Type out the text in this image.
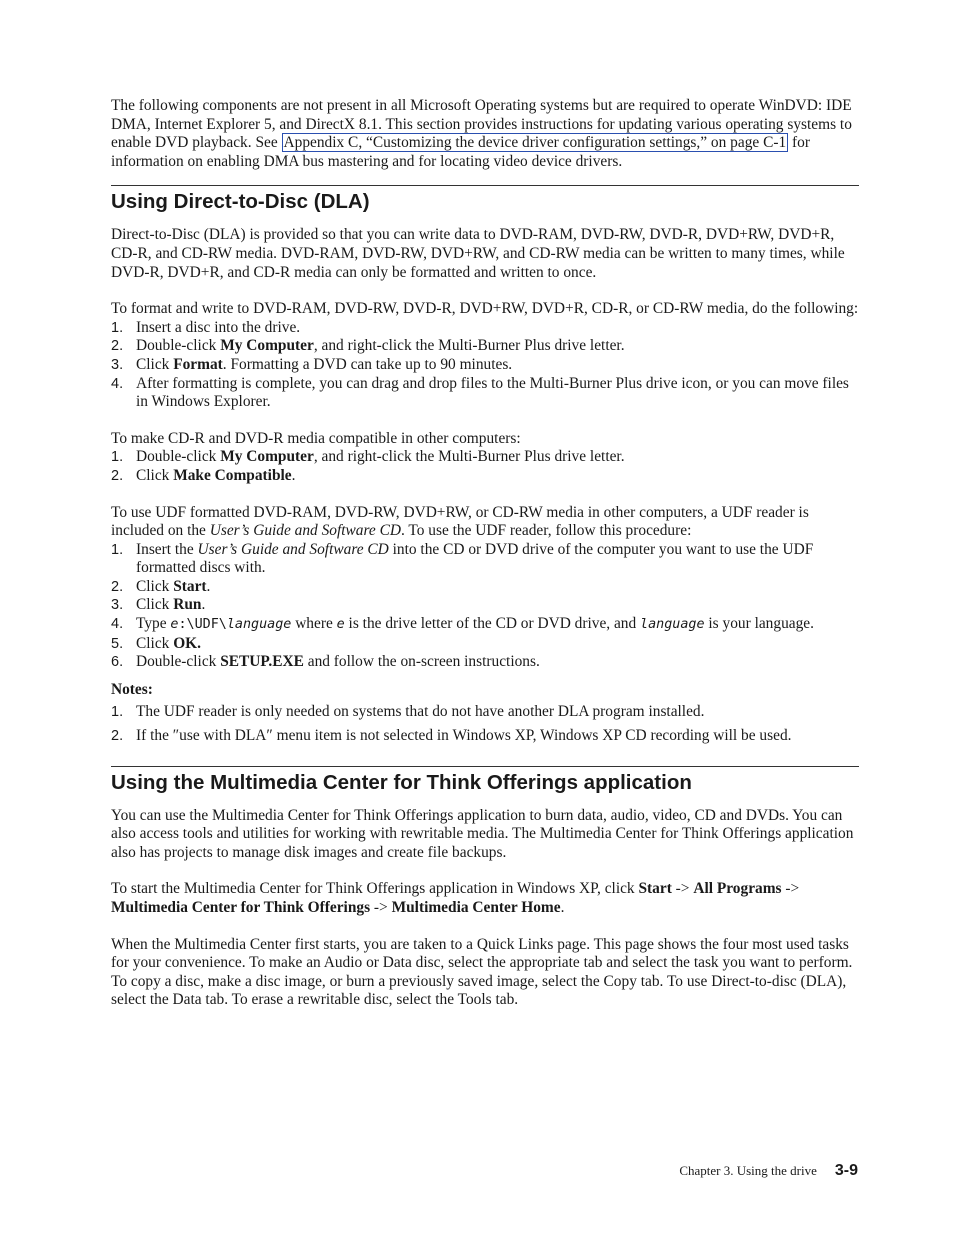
The following components are not present in all Microsoft Operating systems but are required to operate WinDVD: IDE DMA, Internet Explorer 5, and DirectX 8.1. This section provides instructions for updating various operating systems to enable DVD playback. See Appendix C, “Customizing the device driver configuration settings,” on page C-1 for information on enabling DMA bus mastering and for locating video device drivers.

Using Direct-to-Disc (DLA)

Direct-to-Disc (DLA) is provided so that you can write data to DVD-RAM, DVD-RW, DVD-R, DVD+RW, DVD+R, CD-R, and CD-RW media. DVD-RAM, DVD-RW, DVD+RW, and CD-RW media can be written to many times, while DVD-R, DVD+R, and CD-R media can only be formatted and written to once.

To format and write to DVD-RAM, DVD-RW, DVD-R, DVD+RW, DVD+R, CD-R, or CD-RW media, do the following:

1. Insert a disc into the drive.
2. Double-click My Computer, and right-click the Multi-Burner Plus drive letter.
3. Click Format. Formatting a DVD can take up to 90 minutes.
4. After formatting is complete, you can drag and drop files to the Multi-Burner Plus drive icon, or you can move files in Windows Explorer.

To make CD-R and DVD-R media compatible in other computers:

1. Double-click My Computer, and right-click the Multi-Burner Plus drive letter.
2. Click Make Compatible.

To use UDF formatted DVD-RAM, DVD-RW, DVD+RW, or CD-RW media in other computers, a UDF reader is included on the User’s Guide and Software CD. To use the UDF reader, follow this procedure:

1. Insert the User’s Guide and Software CD into the CD or DVD drive of the computer you want to use the UDF formatted discs with.
2. Click Start.
3. Click Run.
4. Type e:\UDF\language where e is the drive letter of the CD or DVD drive, and language is your language.
5. Click OK.
6. Double-click SETUP.EXE and follow the on-screen instructions.

Notes:

1. The UDF reader is only needed on systems that do not have another DLA program installed.
2. If the ″use with DLA″ menu item is not selected in Windows XP, Windows XP CD recording will be used.
Using the Multimedia Center for Think Offerings application

You can use the Multimedia Center for Think Offerings application to burn data, audio, video, CD and DVDs. You can also access tools and utilities for working with rewritable media. The Multimedia Center for Think Offerings application also has projects to manage disk images and create file backups.

To start the Multimedia Center for Think Offerings application in Windows XP, click Start -> All Programs -> Multimedia Center for Think Offerings -> Multimedia Center Home.

When the Multimedia Center first starts, you are taken to a Quick Links page. This page shows the four most used tasks for your convenience. To make an Audio or Data disc, select the appropriate tab and select the task you want to perform. To copy a disc, make a disc image, or burn a previously saved image, select the Copy tab. To use Direct-to-disc (DLA), select the Data tab. To erase a rewritable disc, select the Tools tab.

Chapter 3. Using the drive 3-9
